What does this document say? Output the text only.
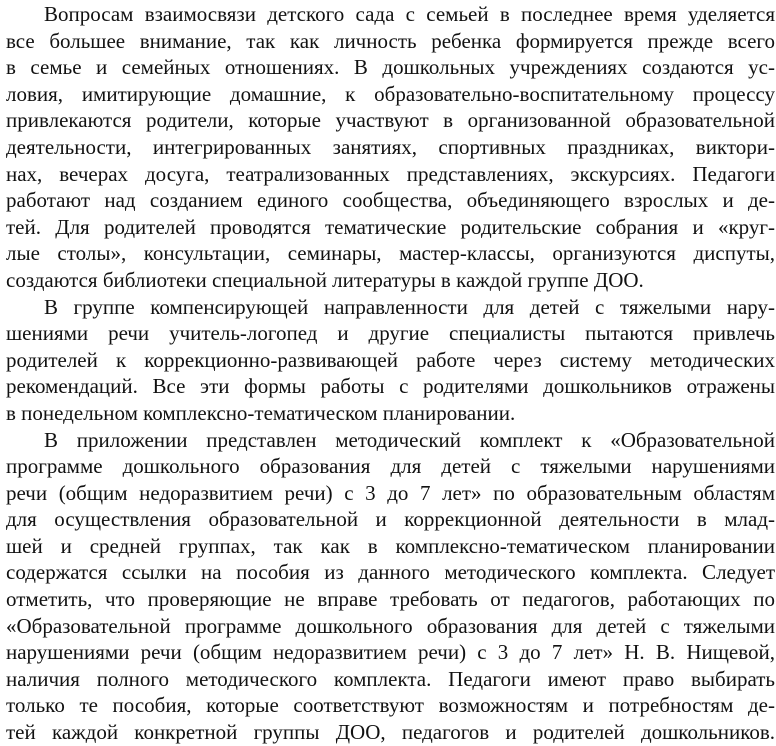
Вопросам взаимосвязи детского сада с семьей в последнее время уделяется
все большее внимание, так как личность ребенка формируется прежде всего
в семье и семейных отношениях. В дошкольных учреждениях создаются ус-
ловия, имитирующие домашние, к образовательно-воспитательному процессу
привлекаются родители, которые участвуют в организованной образовательной
деятельности, интегрированных занятиях, спортивных праздниках, виктори-
нах, вечерах досуга, театрализованных представлениях, экскурсиях. Педагоги
работают над созданием единого сообщества, объединяющего взрослых и де-
тей. Для родителей проводятся тематические родительские собрания и «круг-
лые столы», консультации, семинары, мастер-классы, организуются диспуты,
создаются библиотеки специальной литературы в каждой группе ДОО.
В группе компенсирующей направленности для детей с тяжелыми нару-
шениями речи учитель-логопед и другие специалисты пытаются привлечь
родителей к коррекционно-развивающей работе через систему методических
рекомендаций. Все эти формы работы с родителями дошкольников отражены
в понедельном комплексно-тематическом планировании.
В приложении представлен методический комплект к «Образовательной
программе дошкольного образования для детей с тяжелыми нарушениями
речи (общим недоразвитием речи) с 3 до 7 лет» по образовательным областям
для осуществления образовательной и коррекционной деятельности в млад-
шей и средней группах, так как в комплексно-тематическом планировании
содержатся ссылки на пособия из данного методического комплекта. Следует
отметить, что проверяющие не вправе требовать от педагогов, работающих по
«Образовательной программе дошкольного образования для детей с тяжелыми
нарушениями речи (общим недоразвитием речи) с 3 до 7 лет» Н. В. Нищевой,
наличия полного методического комплекта. Педагоги имеют право выбирать
только те пособия, которые соответствуют возможностям и потребностям де-
тей каждой конкретной группы ДОО, педагогов и родителей дошкольников.
